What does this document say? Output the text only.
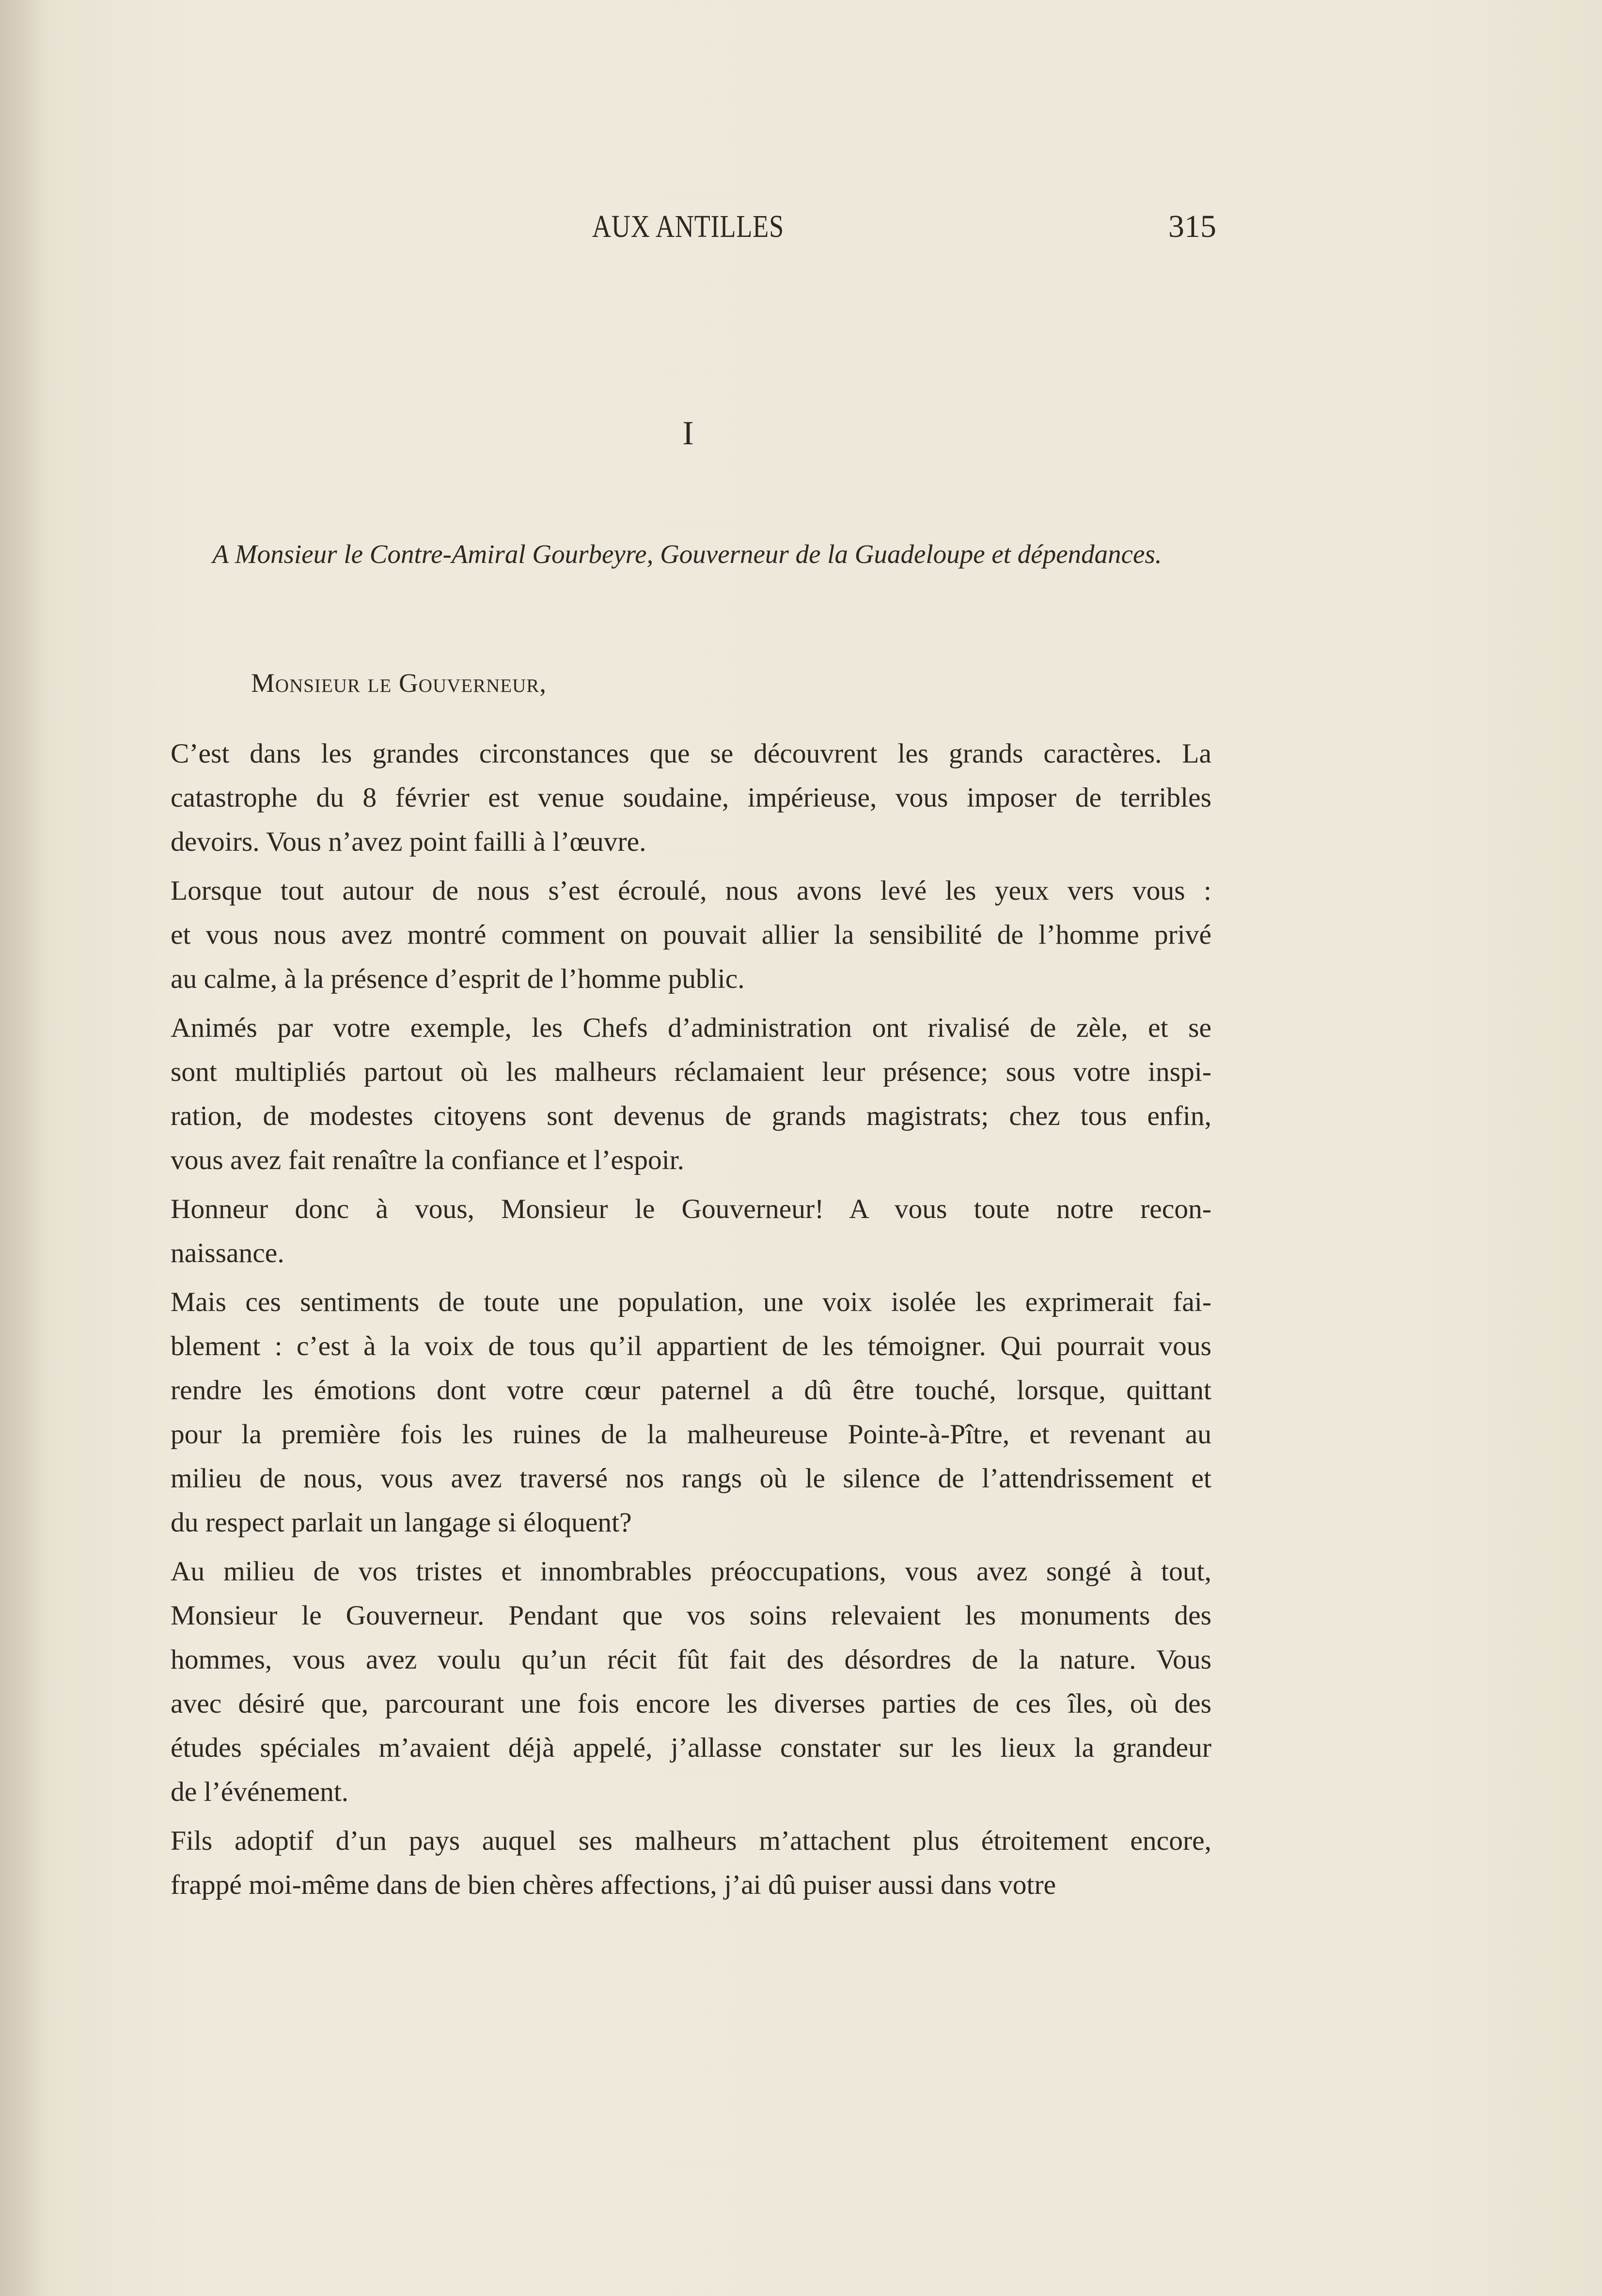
AUX ANTILLES	315
I
A Monsieur le Contre-Amiral Gourbeyre, Gouverneur de la Guadeloupe et dépendances.
Monsieur le Gouverneur,

C’est dans les grandes circonstances que se découvrent les grands caractères. La
catastrophe du 8 février est venue soudaine, impérieuse, vous imposer de terribles
devoirs. Vous n’avez point failli à l’œuvre.

Lorsque tout autour de nous s’est écroulé, nous avons levé les yeux vers vous :
et vous nous avez montré comment on pouvait allier la sensibilité de l’homme privé
au calme, à la présence d’esprit de l’homme public.

Animés par votre exemple, les Chefs d’administration ont rivalisé de zèle, et se
sont multipliés partout où les malheurs réclamaient leur présence; sous votre inspi-
ration, de modestes citoyens sont devenus de grands magistrats; chez tous enfin,
vous avez fait renaître la confiance et l’espoir.

Honneur donc à vous, Monsieur le Gouverneur! A vous toute notre recon-
naissance.

Mais ces sentiments de toute une population, une voix isolée les exprimerait fai-
blement : c’est à la voix de tous qu’il appartient de les témoigner. Qui pourrait vous
rendre les émotions dont votre cœur paternel a dû être touché, lorsque, quittant
pour la première fois les ruines de la malheureuse Pointe-à-Pître, et revenant au
milieu de nous, vous avez traversé nos rangs où le silence de l’attendrissement et
du respect parlait un langage si éloquent?

Au milieu de vos tristes et innombrables préoccupations, vous avez songé à tout,
Monsieur le Gouverneur. Pendant que vos soins relevaient les monuments des
hommes, vous avez voulu qu’un récit fût fait des désordres de la nature. Vous
avec désiré que, parcourant une fois encore les diverses parties de ces îles, où des
études spéciales m’avaient déjà appelé, j’allasse constater sur les lieux la grandeur
de l’événement.

Fils adoptif d’un pays auquel ses malheurs m’attachent plus étroitement encore,
frappé moi-même dans de bien chères affections, j’ai dû puiser aussi dans votre
